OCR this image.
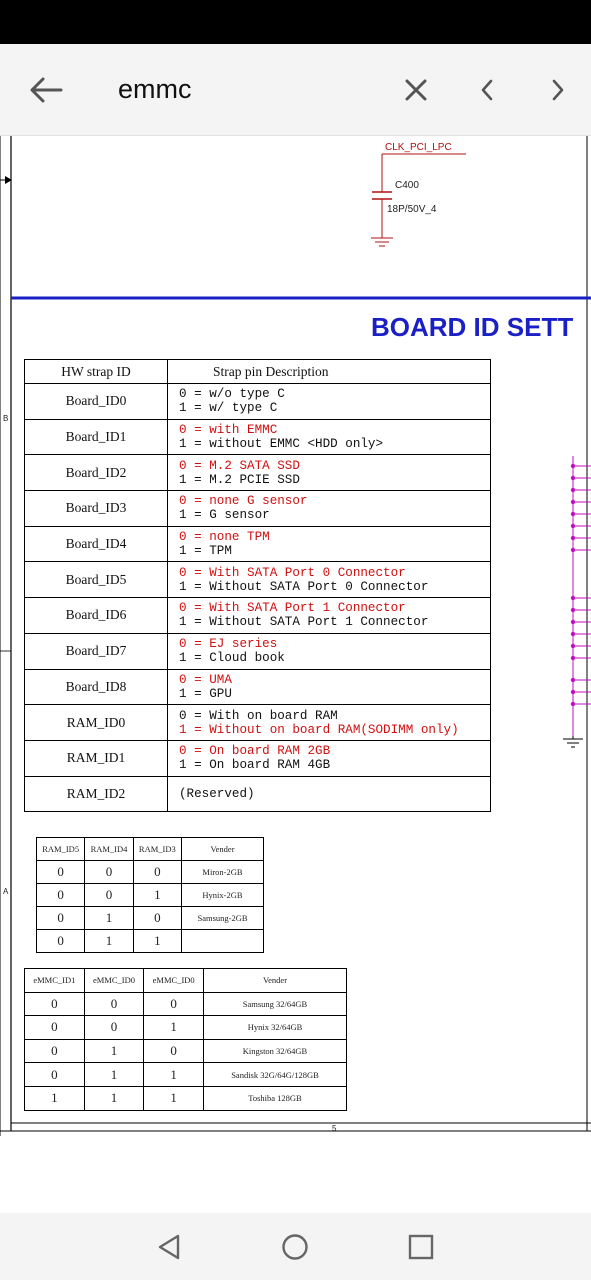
emmc
CLK_PCI_LPC
C400
18P/50V_4
B
A
5
BOARD ID SETT
HW strap ID	Strap pin Description
Board_ID0	0 = w/o type C
1 = w/ type C

Board_ID1	0 = with EMMC
1 = without EMMC <HDD only>

Board_ID2	0 = M.2 SATA SSD
1 = M.2 PCIE SSD

Board_ID3	0 = none G sensor
1 = G sensor

Board_ID4	0 = none TPM
1 = TPM

Board_ID5	0 = With SATA Port 0 Connector
1 = Without SATA Port 0 Connector

Board_ID6	0 = With SATA Port 1 Connector
1 = Without SATA Port 1 Connector

Board_ID7	0 = EJ series
1 = Cloud book

Board_ID8	0 = UMA
1 = GPU

RAM_ID0	0 = With on board RAM
1 = Without on board RAM(SODIMM only)

RAM_ID1	0 = On board RAM 2GB
1 = On board RAM 4GB

RAM_ID2	(Reserved)
RAM_ID5	RAM_ID4	RAM_ID3	Vender
0	0	0	Miron-2GB
0	0	1	Hynix-2GB
0	1	0	Samsung-2GB
0	1	1	
eMMC_ID1	eMMC_ID0	eMMC_ID0	Vender
0	0	0	Samsung 32/64GB
0	0	1	Hynix 32/64GB
0	1	0	Kingston 32/64GB
0	1	1	Sandisk 32G/64G/128GB
1	1	1	Toshiba 128GB
